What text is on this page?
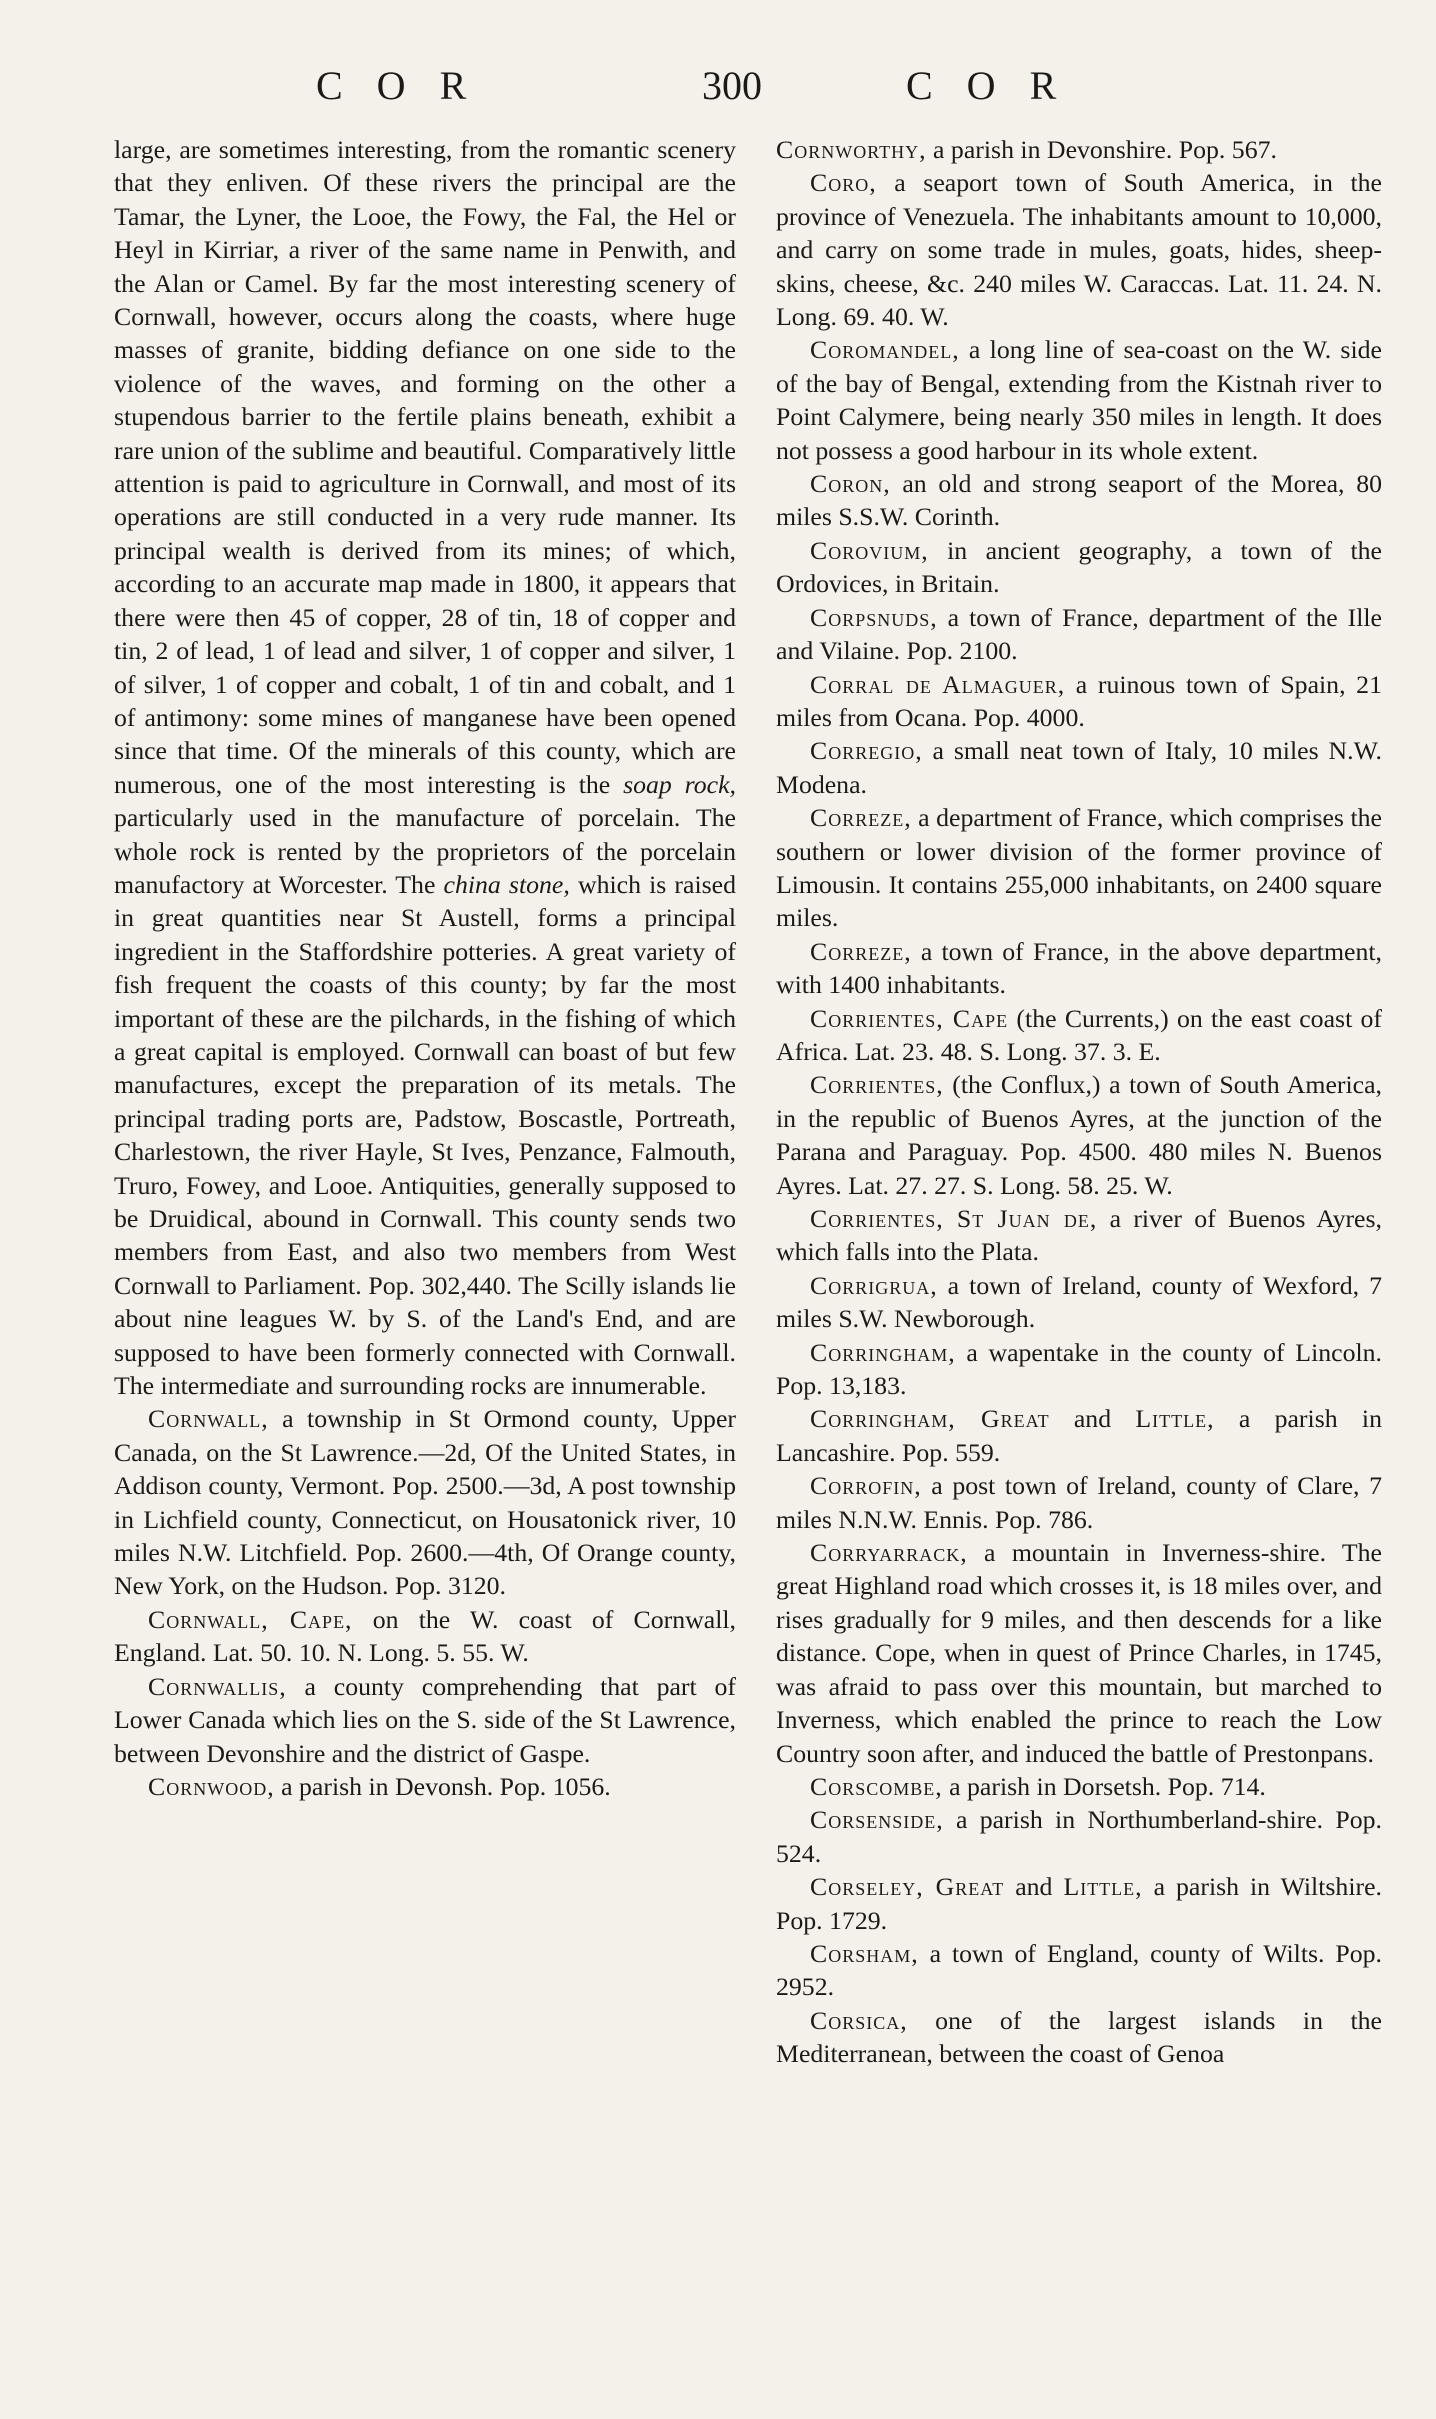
COR	300	COR

large, are sometimes interesting, from the romantic scenery that they enliven. Of these rivers the principal are the Tamar, the Lyner, the Looe, the Fowy, the Fal, the Hel or Heyl in Kirriar, a river of the same name in Penwith, and the Alan or Camel. By far the most interesting scenery of Cornwall, however, occurs along the coasts, where huge masses of granite, bidding defiance on one side to the violence of the waves, and forming on the other a stupendous barrier to the fertile plains beneath, exhibit a rare union of the sublime and beautiful. Comparatively little attention is paid to agriculture in Cornwall, and most of its operations are still conducted in a very rude manner. Its principal wealth is derived from its mines; of which, according to an accurate map made in 1800, it appears that there were then 45 of copper, 28 of tin, 18 of copper and tin, 2 of lead, 1 of lead and silver, 1 of copper and silver, 1 of silver, 1 of copper and cobalt, 1 of tin and cobalt, and 1 of antimony: some mines of manganese have been opened since that time. Of the minerals of this county, which are numerous, one of the most interesting is the soap rock, particularly used in the manufacture of porcelain. The whole rock is rented by the proprietors of the porcelain manufactory at Worcester. The china stone, which is raised in great quantities near St Austell, forms a principal ingredient in the Staffordshire potteries. A great variety of fish frequent the coasts of this county; by far the most important of these are the pilchards, in the fishing of which a great capital is employed. Cornwall can boast of but few manufactures, except the preparation of its metals. The principal trading ports are, Padstow, Boscastle, Portreath, Charlestown, the river Hayle, St Ives, Penzance, Falmouth, Truro, Fowey, and Looe. Antiquities, generally supposed to be Druidical, abound in Cornwall. This county sends two members from East, and also two members from West Cornwall to Parliament. Pop. 302,440. The Scilly islands lie about nine leagues W. by S. of the Land's End, and are supposed to have been formerly connected with Cornwall. The intermediate and surrounding rocks are innumerable.

Cornwall, a township in St Ormond county, Upper Canada, on the St Lawrence.—2d, Of the United States, in Addison county, Vermont. Pop. 2500.—3d, A post township in Lichfield county, Connecticut, on Housatonick river, 10 miles N.W. Litchfield. Pop. 2600.—4th, Of Orange county, New York, on the Hudson. Pop. 3120.

Cornwall, Cape, on the W. coast of Cornwall, England. Lat. 50. 10. N. Long. 5. 55. W.

Cornwallis, a county comprehending that part of Lower Canada which lies on the S. side of the St Lawrence, between Devonshire and the district of Gaspe.

Cornwood, a parish in Devonsh. Pop. 1056.

Cornworthy, a parish in Devonshire. Pop. 567.

Coro, a seaport town of South America, in the province of Venezuela. The inhabitants amount to 10,000, and carry on some trade in mules, goats, hides, sheep-skins, cheese, &c. 240 miles W. Caraccas. Lat. 11. 24. N. Long. 69. 40. W.

Coromandel, a long line of sea-coast on the W. side of the bay of Bengal, extending from the Kistnah river to Point Calymere, being nearly 350 miles in length. It does not possess a good harbour in its whole extent.

Coron, an old and strong seaport of the Morea, 80 miles S.S.W. Corinth.

Corovium, in ancient geography, a town of the Ordovices, in Britain.

Corpsnuds, a town of France, department of the Ille and Vilaine. Pop. 2100.

Corral de Almaguer, a ruinous town of Spain, 21 miles from Ocana. Pop. 4000.

Corregio, a small neat town of Italy, 10 miles N.W. Modena.

Correze, a department of France, which comprises the southern or lower division of the former province of Limousin. It contains 255,000 inhabitants, on 2400 square miles.

Correze, a town of France, in the above department, with 1400 inhabitants.

Corrientes, Cape (the Currents,) on the east coast of Africa. Lat. 23. 48. S. Long. 37. 3. E.

Corrientes, (the Conflux,) a town of South America, in the republic of Buenos Ayres, at the junction of the Parana and Paraguay. Pop. 4500. 480 miles N. Buenos Ayres. Lat. 27. 27. S. Long. 58. 25. W.

Corrientes, St Juan de, a river of Buenos Ayres, which falls into the Plata.

Corrigrua, a town of Ireland, county of Wexford, 7 miles S.W. Newborough.

Corringham, a wapentake in the county of Lincoln. Pop. 13,183.

Corringham, Great and Little, a parish in Lancashire. Pop. 559.

Corrofin, a post town of Ireland, county of Clare, 7 miles N.N.W. Ennis. Pop. 786.

Corryarrack, a mountain in Inverness-shire. The great Highland road which crosses it, is 18 miles over, and rises gradually for 9 miles, and then descends for a like distance. Cope, when in quest of Prince Charles, in 1745, was afraid to pass over this mountain, but marched to Inverness, which enabled the prince to reach the Low Country soon after, and induced the battle of Prestonpans.

Corscombe, a parish in Dorsetsh. Pop. 714.

Corsenside, a parish in Northumberland-shire. Pop. 524.

Corseley, Great and Little, a parish in Wiltshire. Pop. 1729.

Corsham, a town of England, county of Wilts. Pop. 2952.

Corsica, one of the largest islands in the Mediterranean, between the coast of Genoa
